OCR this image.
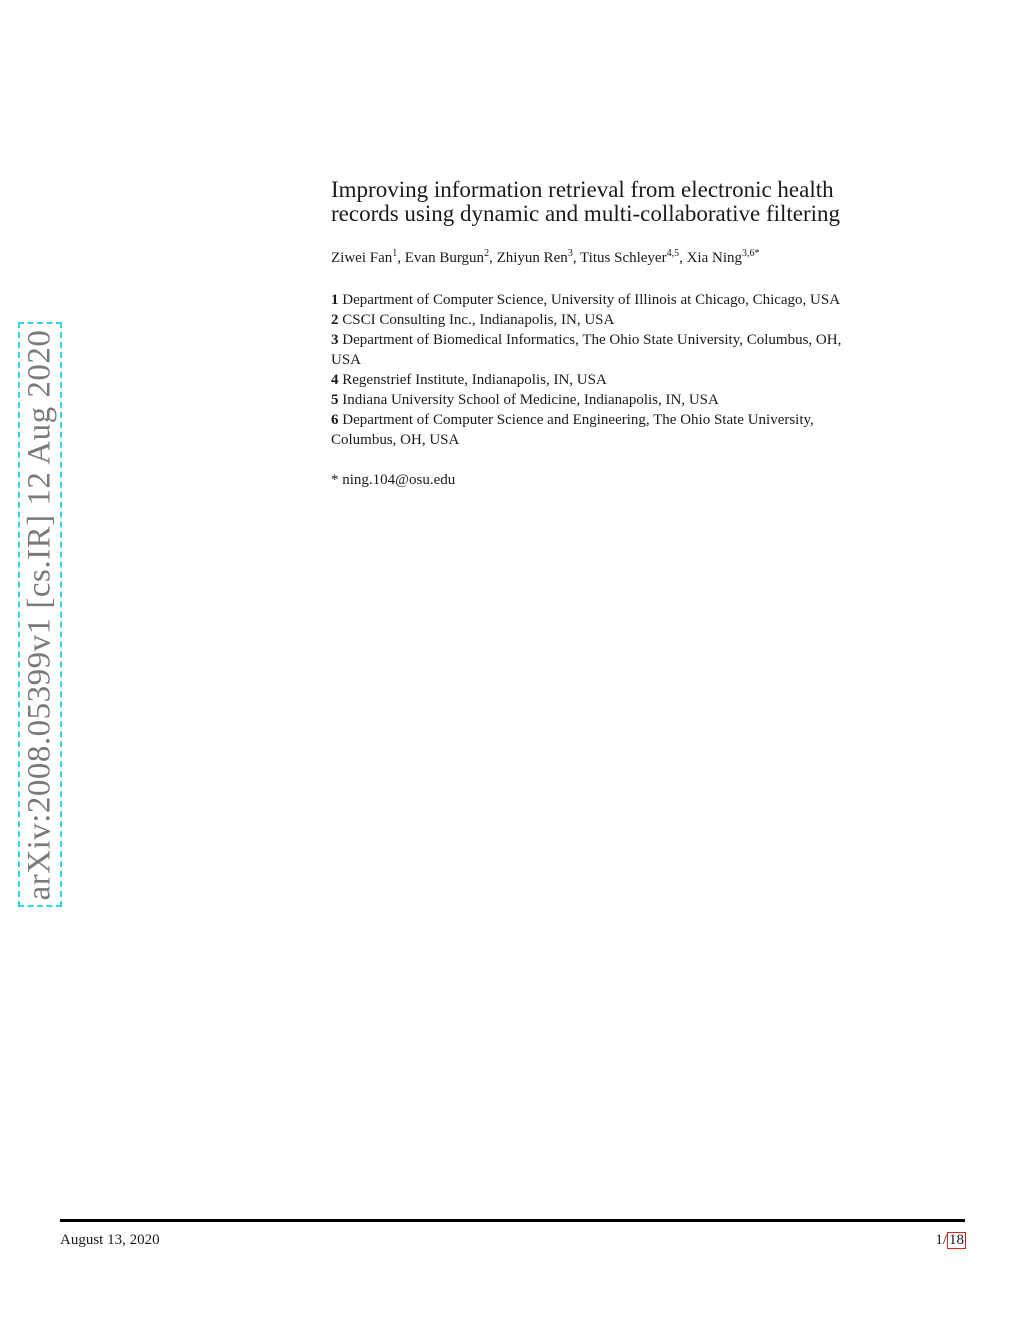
arXiv:2008.05399v1 [cs.IR] 12 Aug 2020
Improving information retrieval from electronic health
records using dynamic and multi-collaborative filtering
Ziwei Fan$^1$, Evan Burgun$^2$, Zhiyun Ren$^3$, Titus Schleyer$^{4,5}$, Xia Ning$^{3,6*}$
1 Department of Computer Science, University of Illinois at Chicago, Chicago, USA
2 CSCI Consulting Inc., Indianapolis, IN, USA
3 Department of Biomedical Informatics, The Ohio State University, Columbus, OH,
USA
4 Regenstrief Institute, Indianapolis, IN, USA
5 Indiana University School of Medicine, Indianapolis, IN, USA
6 Department of Computer Science and Engineering, The Ohio State University,
Columbus, OH, USA
* ning.104@osu.edu
August 13, 2020	1/ 18
